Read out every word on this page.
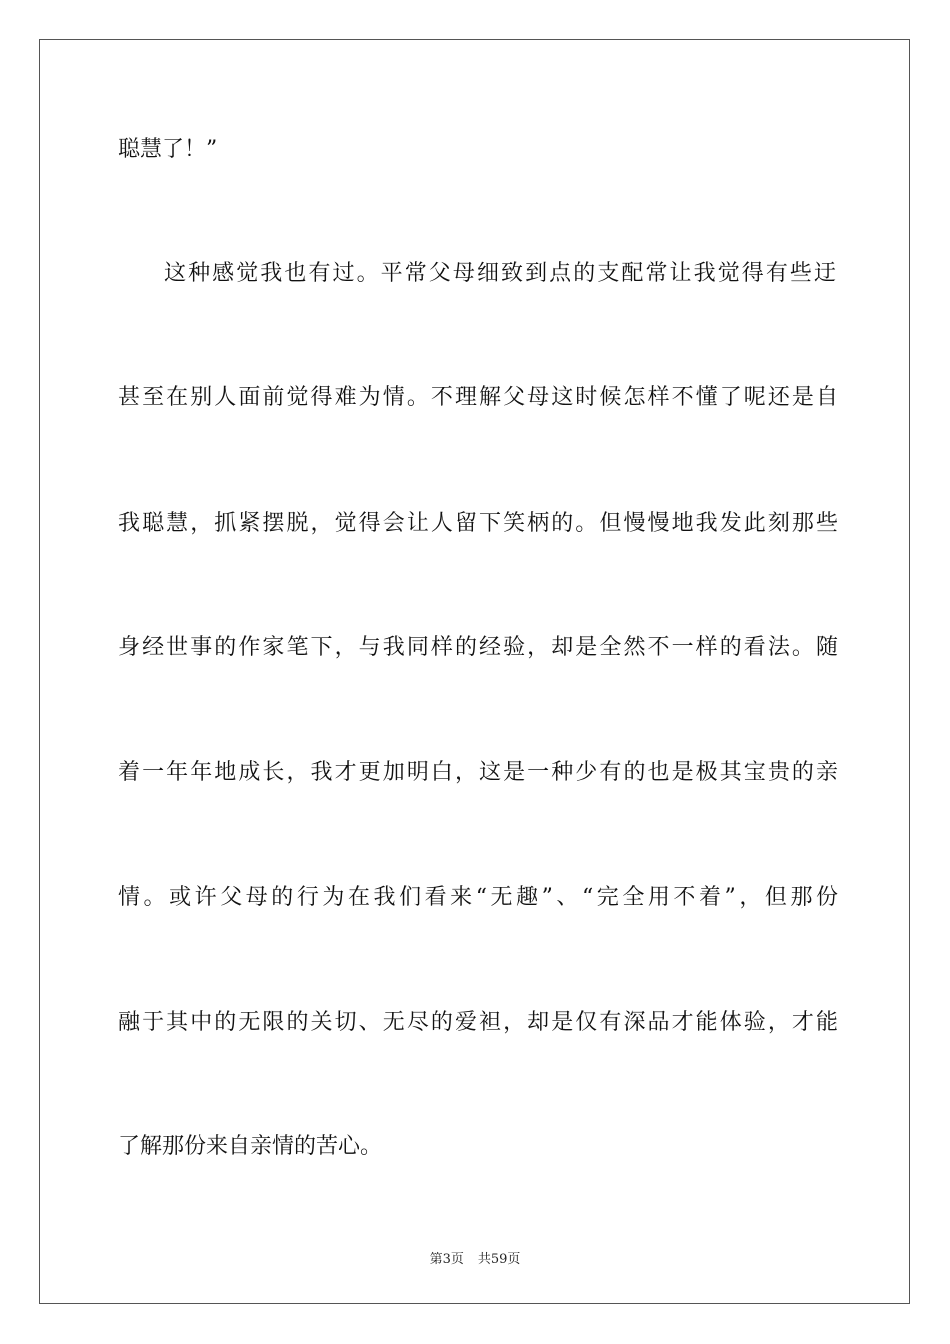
聪慧了！”
这种感觉我也有过。平常父母细致到点的支配常让我觉得有些迂
甚至在别人面前觉得难为情。不理解父母这时候怎样不懂了呢还是自
我聪慧，抓紧摆脱，觉得会让人留下笑柄的。但慢慢地我发此刻那些
身经世事的作家笔下，与我同样的经验，却是全然不一样的看法。随
着一年年地成长，我才更加明白，这是一种少有的也是极其宝贵的亲
情。或许父母的行为在我们看来“无趣”、“完全用不着”，但那份
融于其中的无限的关切、无尽的爱袒，却是仅有深品才能体验，才能
了解那份来自亲情的苦心。
第3页 共59页
